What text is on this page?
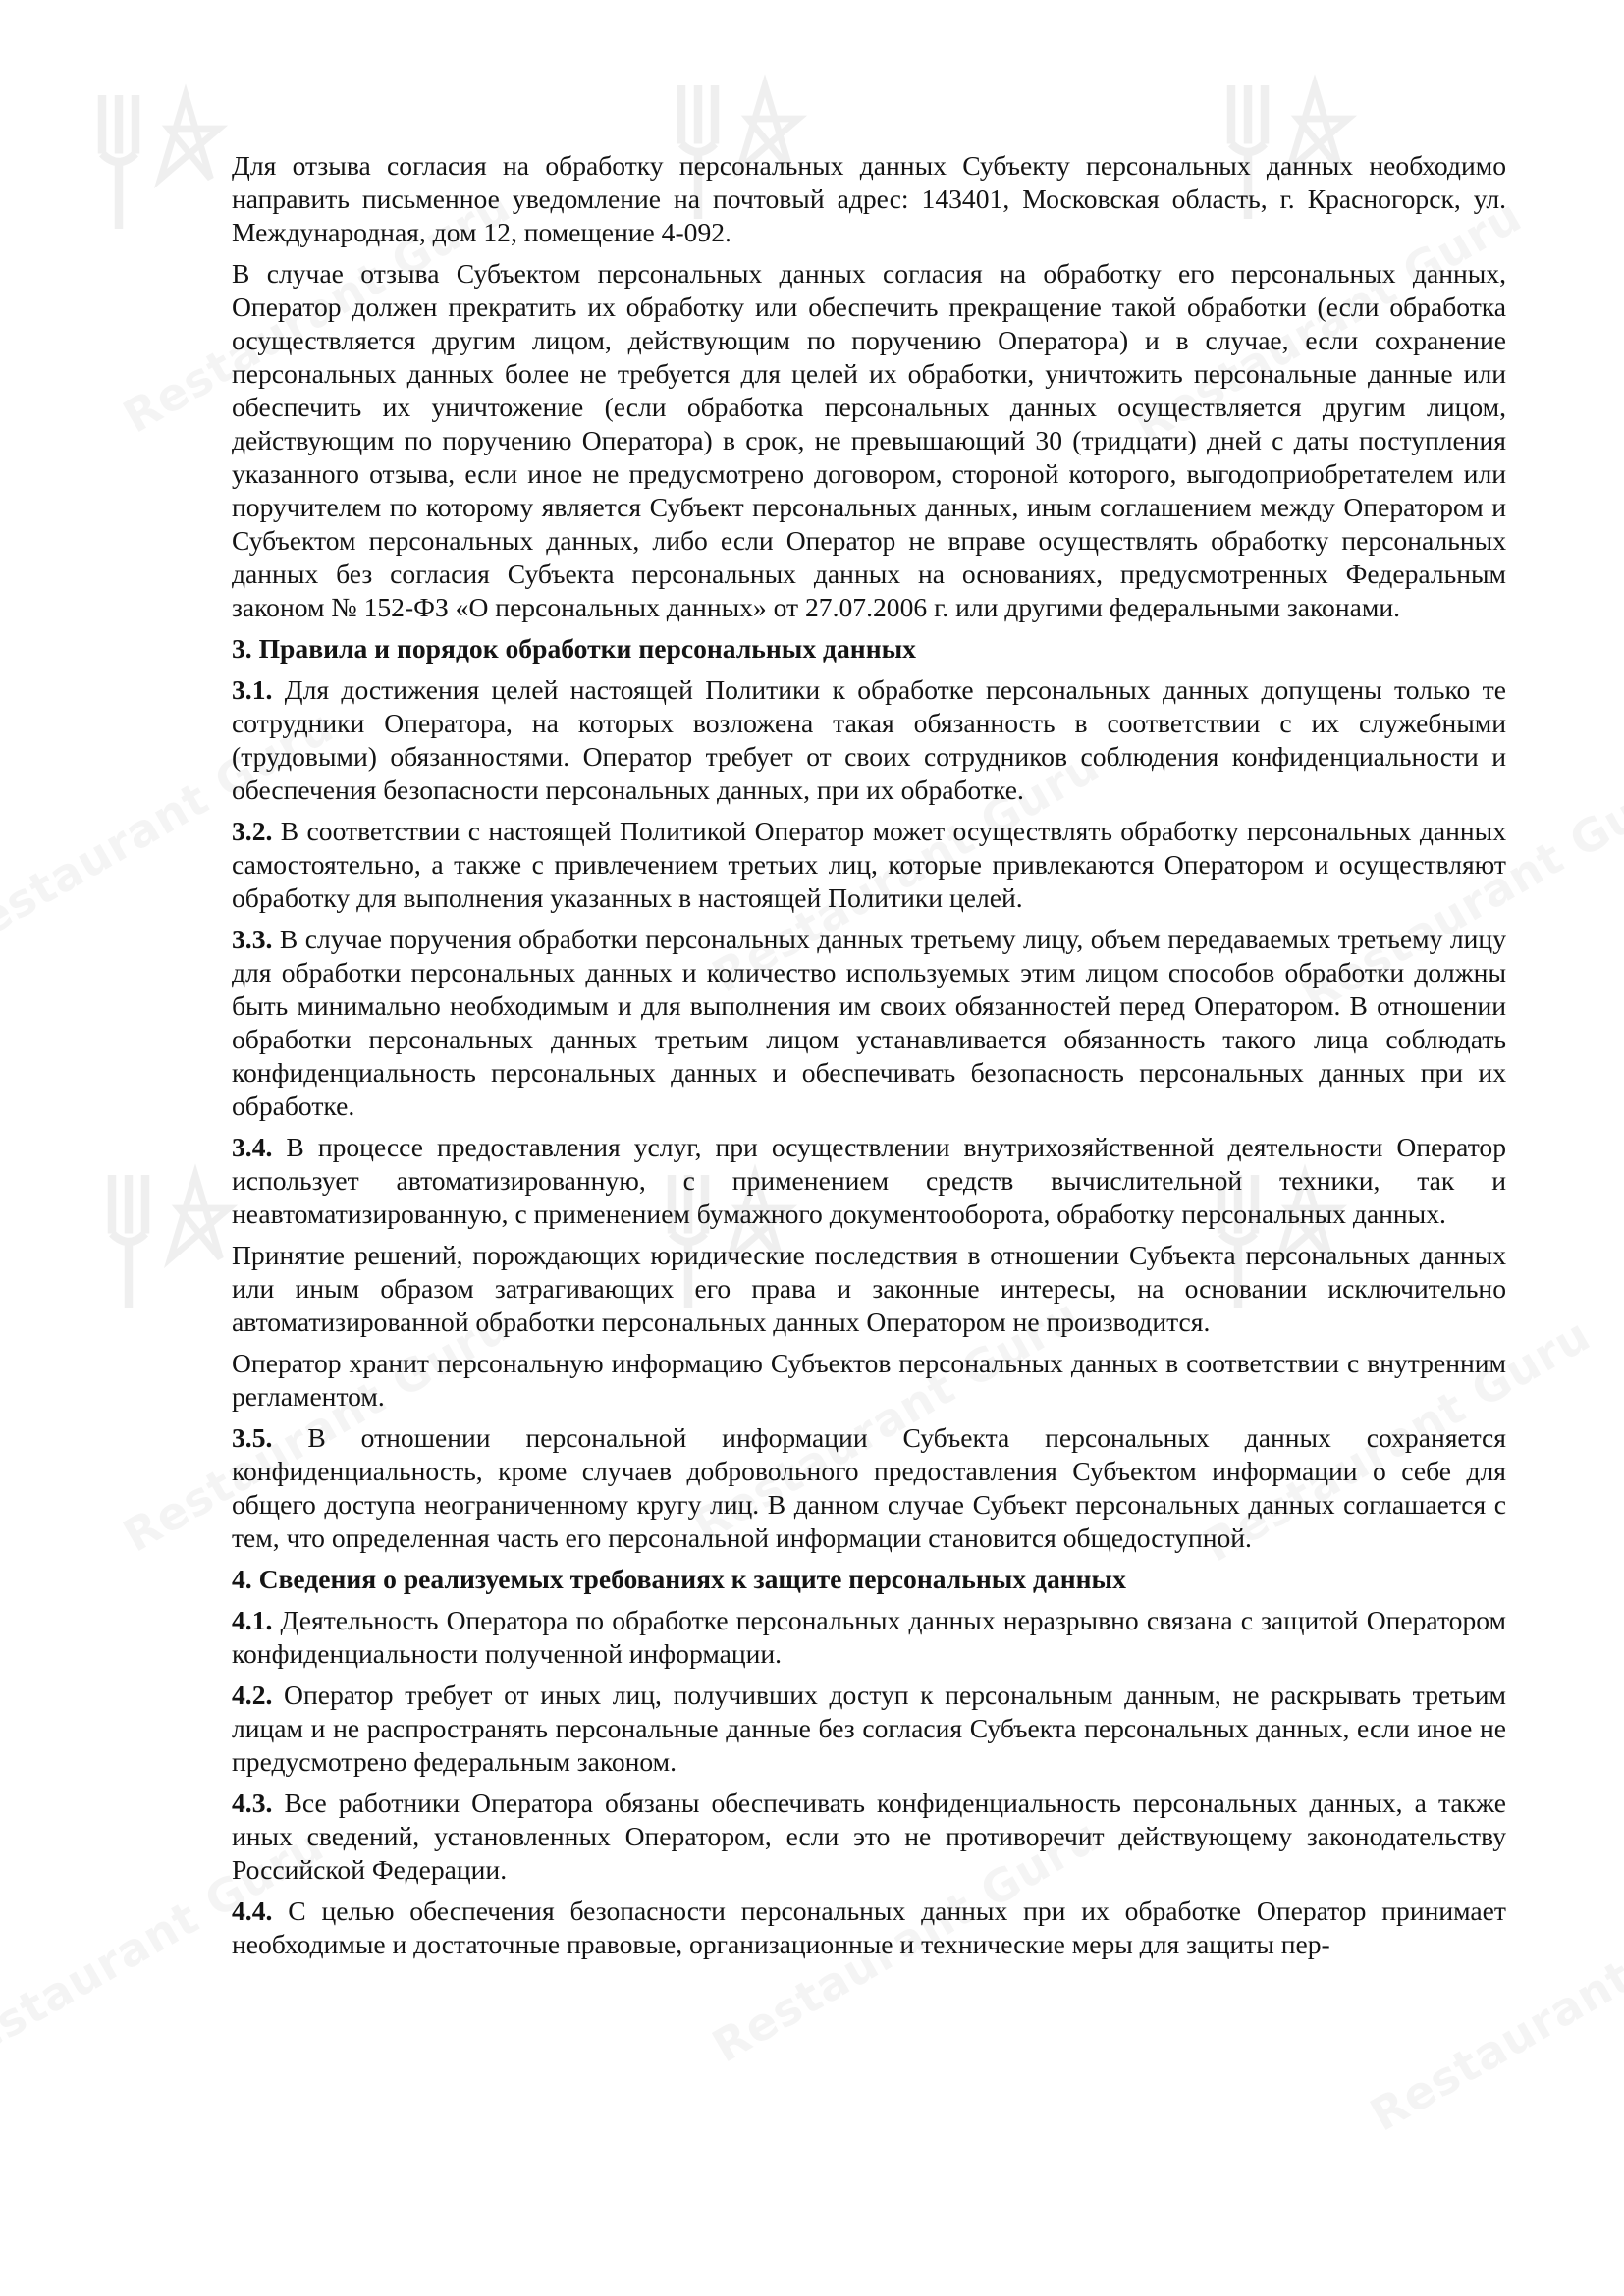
Для отзыва согласия на обработку персональных данных Субъекту персональных данных необходимо направить письменное уведомление на почтовый адрес: 143401, Московская область, г. Красногорск, ул. Международная, дом 12, помещение 4-092.

В случае отзыва Субъектом персональных данных согласия на обработку его персональных данных, Оператор должен прекратить их обработку или обеспечить прекращение такой обработки (если обработка осуществляется другим лицом, действующим по поручению Оператора) и в случае, если сохранение персональных данных более не требуется для целей их обработки, уничтожить персональные данные или обеспечить их уничтожение (если обработка персональных данных осуществляется другим лицом, действующим по поручению Оператора) в срок, не превышающий 30 (тридцати) дней с даты поступления указанного отзыва, если иное не предусмотрено договором, стороной которого, выгодоприобретателем или поручителем по которому является Субъект персональных данных, иным соглашением между Оператором и Субъектом персональных данных, либо если Оператор не вправе осуществлять обработку персональных данных без согласия Субъекта персональных данных на основаниях, предусмотренных Федеральным законом № 152-ФЗ «О персональных данных» от 27.07.2006 г. или другими федеральными законами.

3. Правила и порядок обработки персональных данных

3.1. Для достижения целей настоящей Политики к обработке персональных данных допущены только те сотрудники Оператора, на которых возложена такая обязанность в соответствии с их служебными (трудовыми) обязанностями. Оператор требует от своих сотрудников соблюдения конфиденциальности и обеспечения безопасности персональных данных, при их обработке.

3.2. В соответствии с настоящей Политикой Оператор может осуществлять обработку персональных данных самостоятельно, а также с привлечением третьих лиц, которые привлекаются Оператором и осуществляют обработку для выполнения указанных в настоящей Политики целей.

3.3. В случае поручения обработки персональных данных третьему лицу, объем передаваемых третьему лицу для обработки персональных данных и количество используемых этим лицом способов обработки должны быть минимально необходимым и для выполнения им своих обязанностей перед Оператором. В отношении обработки персональных данных третьим лицом устанавливается обязанность такого лица соблюдать конфиденциальность персональных данных и обеспечивать безопасность персональных данных при их обработке.

3.4. В процессе предоставления услуг, при осуществлении внутрихозяйственной деятельности Оператор использует автоматизированную, с применением средств вычислительной техники, так и неавтоматизированную, с применением бумажного документооборота, обработку персональных данных.

Принятие решений, порождающих юридические последствия в отношении Субъекта персональных данных или иным образом затрагивающих его права и законные интересы, на основании исключительно автоматизированной обработки персональных данных Оператором не производится.

Оператор хранит персональную информацию Субъектов персональных данных в соответствии с внутренним регламентом.

3.5. В отношении персональной информации Субъекта персональных данных сохраняется конфиденциальность, кроме случаев добровольного предоставления Субъектом информации о себе для общего доступа неограниченному кругу лиц. В данном случае Субъект персональных данных соглашается с тем, что определенная часть его персональной информации становится общедоступной.

4. Сведения о реализуемых требованиях к защите персональных данных

4.1. Деятельность Оператора по обработке персональных данных неразрывно связана с защитой Оператором конфиденциальности полученной информации.

4.2. Оператор требует от иных лиц, получивших доступ к персональным данным, не раскрывать третьим лицам и не распространять персональные данные без согласия Субъекта персональных данных, если иное не предусмотрено федеральным законом.

4.3. Все работники Оператора обязаны обеспечивать конфиденциальность персональных данных, а также иных сведений, установленных Оператором, если это не противоречит действующему законодательству Российской Федерации.

4.4. С целью обеспечения безопасности персональных данных при их обработке Оператор принимает необходимые и достаточные правовые, организационные и технические меры для защиты пер-
